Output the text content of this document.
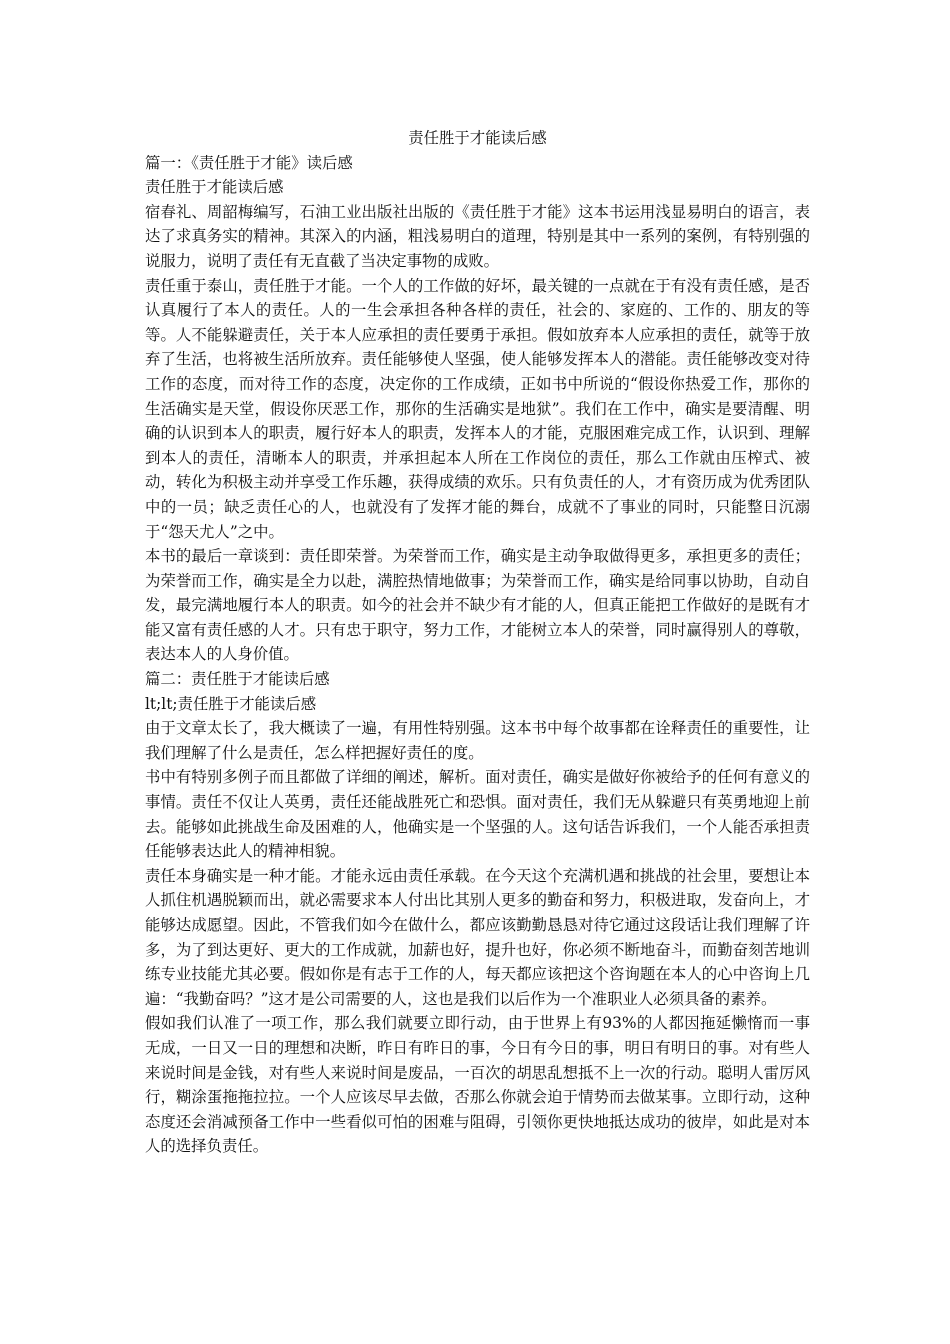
责任胜于才能读后感

篇一：《责任胜于才能》读后感

责任胜于才能读后感

宿春礼、周韶梅编写，石油工业出版社出版的《责任胜于才能》这本书运用浅显易明白的语言，表达了求真务实的精神。其深入的内涵，粗浅易明白的道理，特别是其中一系列的案例，有特别强的说服力，说明了责任有无直截了当决定事物的成败。

责任重于泰山，责任胜于才能。一个人的工作做的好坏，最关键的一点就在于有没有责任感，是否认真履行了本人的责任。人的一生会承担各种各样的责任，社会的、家庭的、工作的、朋友的等等。人不能躲避责任，关于本人应承担的责任要勇于承担。假如放弃本人应承担的责任，就等于放弃了生活，也将被生活所放弃。责任能够使人坚强，使人能够发挥本人的潜能。责任能够改变对待工作的态度，而对待工作的态度，决定你的工作成绩，正如书中所说的“假设你热爱工作，那你的生活确实是天堂，假设你厌恶工作，那你的生活确实是地狱”。我们在工作中，确实是要清醒、明确的认识到本人的职责，履行好本人的职责，发挥本人的才能，克服困难完成工作，认识到、理解到本人的责任，清晰本人的职责，并承担起本人所在工作岗位的责任，那么工作就由压榨式、被动，转化为积极主动并享受工作乐趣，获得成绩的欢乐。只有负责任的人，才有资历成为优秀团队中的一员；缺乏责任心的人，也就没有了发挥才能的舞台，成就不了事业的同时，只能整日沉溺于“怨天尤人”之中。

本书的最后一章谈到：责任即荣誉。为荣誉而工作，确实是主动争取做得更多，承担更多的责任；为荣誉而工作，确实是全力以赴，满腔热情地做事；为荣誉而工作，确实是给同事以协助，自动自发，最完满地履行本人的职责。如今的社会并不缺少有才能的人，但真正能把工作做好的是既有才能又富有责任感的人才。只有忠于职守，努力工作，才能树立本人的荣誉，同时赢得别人的尊敬，表达本人的人身价值。

篇二：责任胜于才能读后感

lt;lt;责任胜于才能读后感

由于文章太长了，我大概读了一遍，有用性特别强。这本书中每个故事都在诠释责任的重要性，让我们理解了什么是责任，怎么样把握好责任的度。

书中有特别多例子而且都做了详细的阐述，解析。面对责任，确实是做好你被给予的任何有意义的事情。责任不仅让人英勇，责任还能战胜死亡和恐惧。面对责任，我们无从躲避只有英勇地迎上前去。能够如此挑战生命及困难的人，他确实是一个坚强的人。这句话告诉我们，一个人能否承担责任能够表达此人的精神相貌。

责任本身确实是一种才能。才能永远由责任承载。在今天这个充满机遇和挑战的社会里，要想让本人抓住机遇脱颖而出，就必需要求本人付出比其别人更多的勤奋和努力，积极进取，发奋向上，才能够达成愿望。因此，不管我们如今在做什么，都应该勤勤恳恳对待它通过这段话让我们理解了许多，为了到达更好、更大的工作成就，加薪也好，提升也好，你必须不断地奋斗，而勤奋刻苦地训练专业技能尤其必要。假如你是有志于工作的人，每天都应该把这个咨询题在本人的心中咨询上几遍：“我勤奋吗？”这才是公司需要的人，这也是我们以后作为一个准职业人必须具备的素养。

假如我们认准了一项工作，那么我们就要立即行动，由于世界上有93%的人都因拖延懒惰而一事无成，一日又一日的理想和决断，昨日有昨日的事，今日有今日的事，明日有明日的事。对有些人来说时间是金钱，对有些人来说时间是废品，一百次的胡思乱想抵不上一次的行动。聪明人雷厉风行，糊涂蛋拖拖拉拉。一个人应该尽早去做，否那么你就会迫于情势而去做某事。立即行动，这种态度还会消减预备工作中一些看似可怕的困难与阻碍，引领你更快地抵达成功的彼岸，如此是对本人的选择负责任。
